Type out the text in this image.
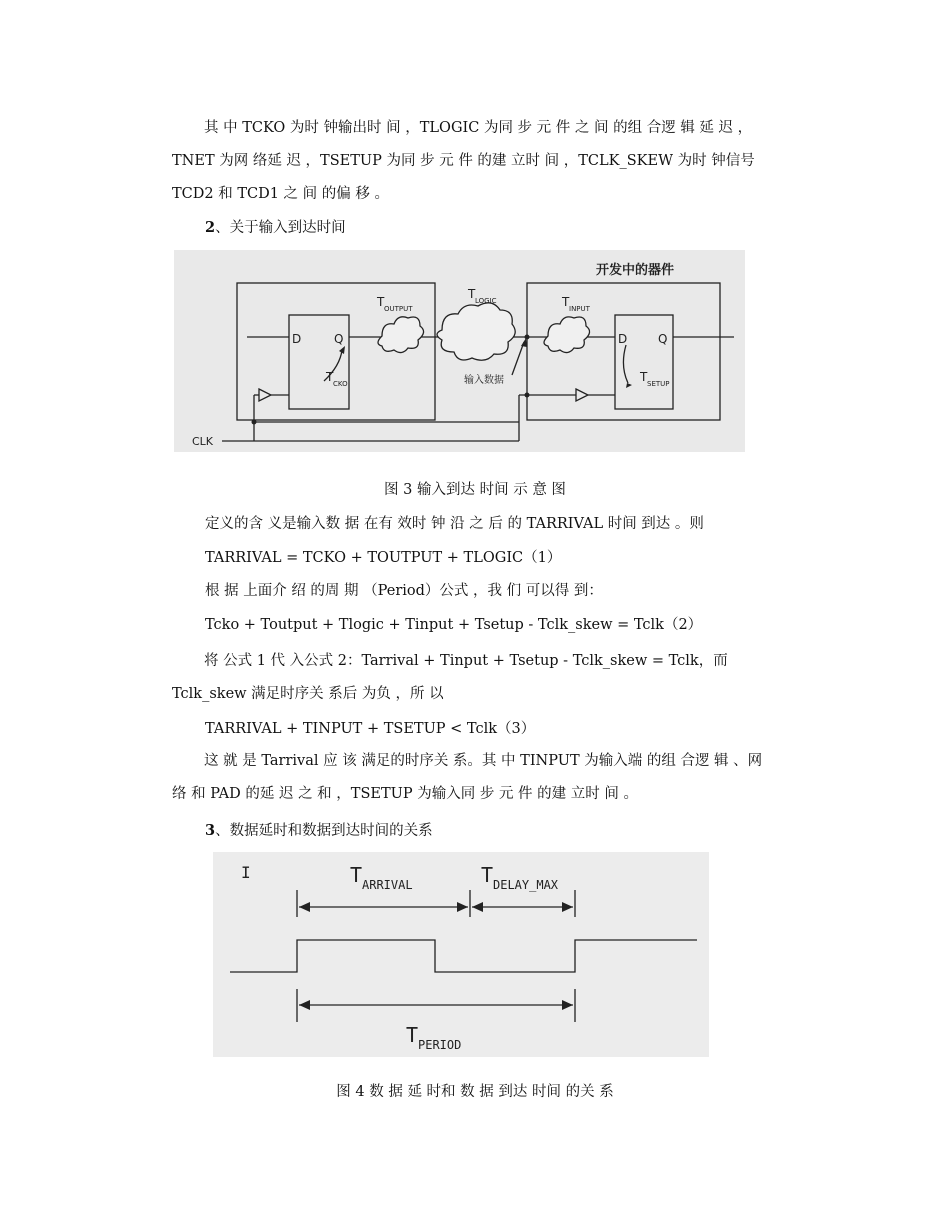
其 中 TCKO 为时 钟输出时 间 ，TLOGIC 为同 步 元 件 之 间 的组 合逻 辑 延 迟 ，TNET 为网 络延 迟 ，TSETUP 为同 步 元 件 的建 立时 间 ，TCLK_SKEW 为时 钟信号 TCD2 和 TCD1 之 间 的偏 移 。

2、关于输入到达时间
开发中的器件
D	Q	D	Q
T OUTPUT
T LOGIC	T INPUT
T CKO	T SETUP
输入数据
CLK
图 3 输入到达 时间 示 意 图
定义的含 义是输入数 据 在有 效时 钟 沿 之 后 的 TARRIVAL 时间 到达 。则
TARRIVAL = TCKO + TOUTPUT + TLOGIC（1）
根 据 上面介 绍 的周 期 （Period）公式 ，我 们 可以得 到：
Tcko + Toutput + Tlogic + Tinput + Tsetup - Tclk_skew = Tclk（2）

将 公式 1 代 入公式 2：Tarrival + Tinput + Tsetup - Tclk_skew = Tclk，而 Tclk_skew 满足时序关 系后 为负 ，所 以

TARRIVAL + TINPUT + TSETUP < Tclk（3）

这 就 是 Tarrival 应 该 满足的时序关 系。其 中 TINPUT 为输入端 的组 合逻 辑 、网 络 和 PAD 的延 迟 之 和 ，TSETUP 为输入同 步 元 件 的建 立时 间 。

3、数据延时和数据到达时间的关系
I	T ARRIVAL	T DELAY_MAX
T PERIOD
图 4 数 据 延 时和 数 据 到达 时间 的关 系
